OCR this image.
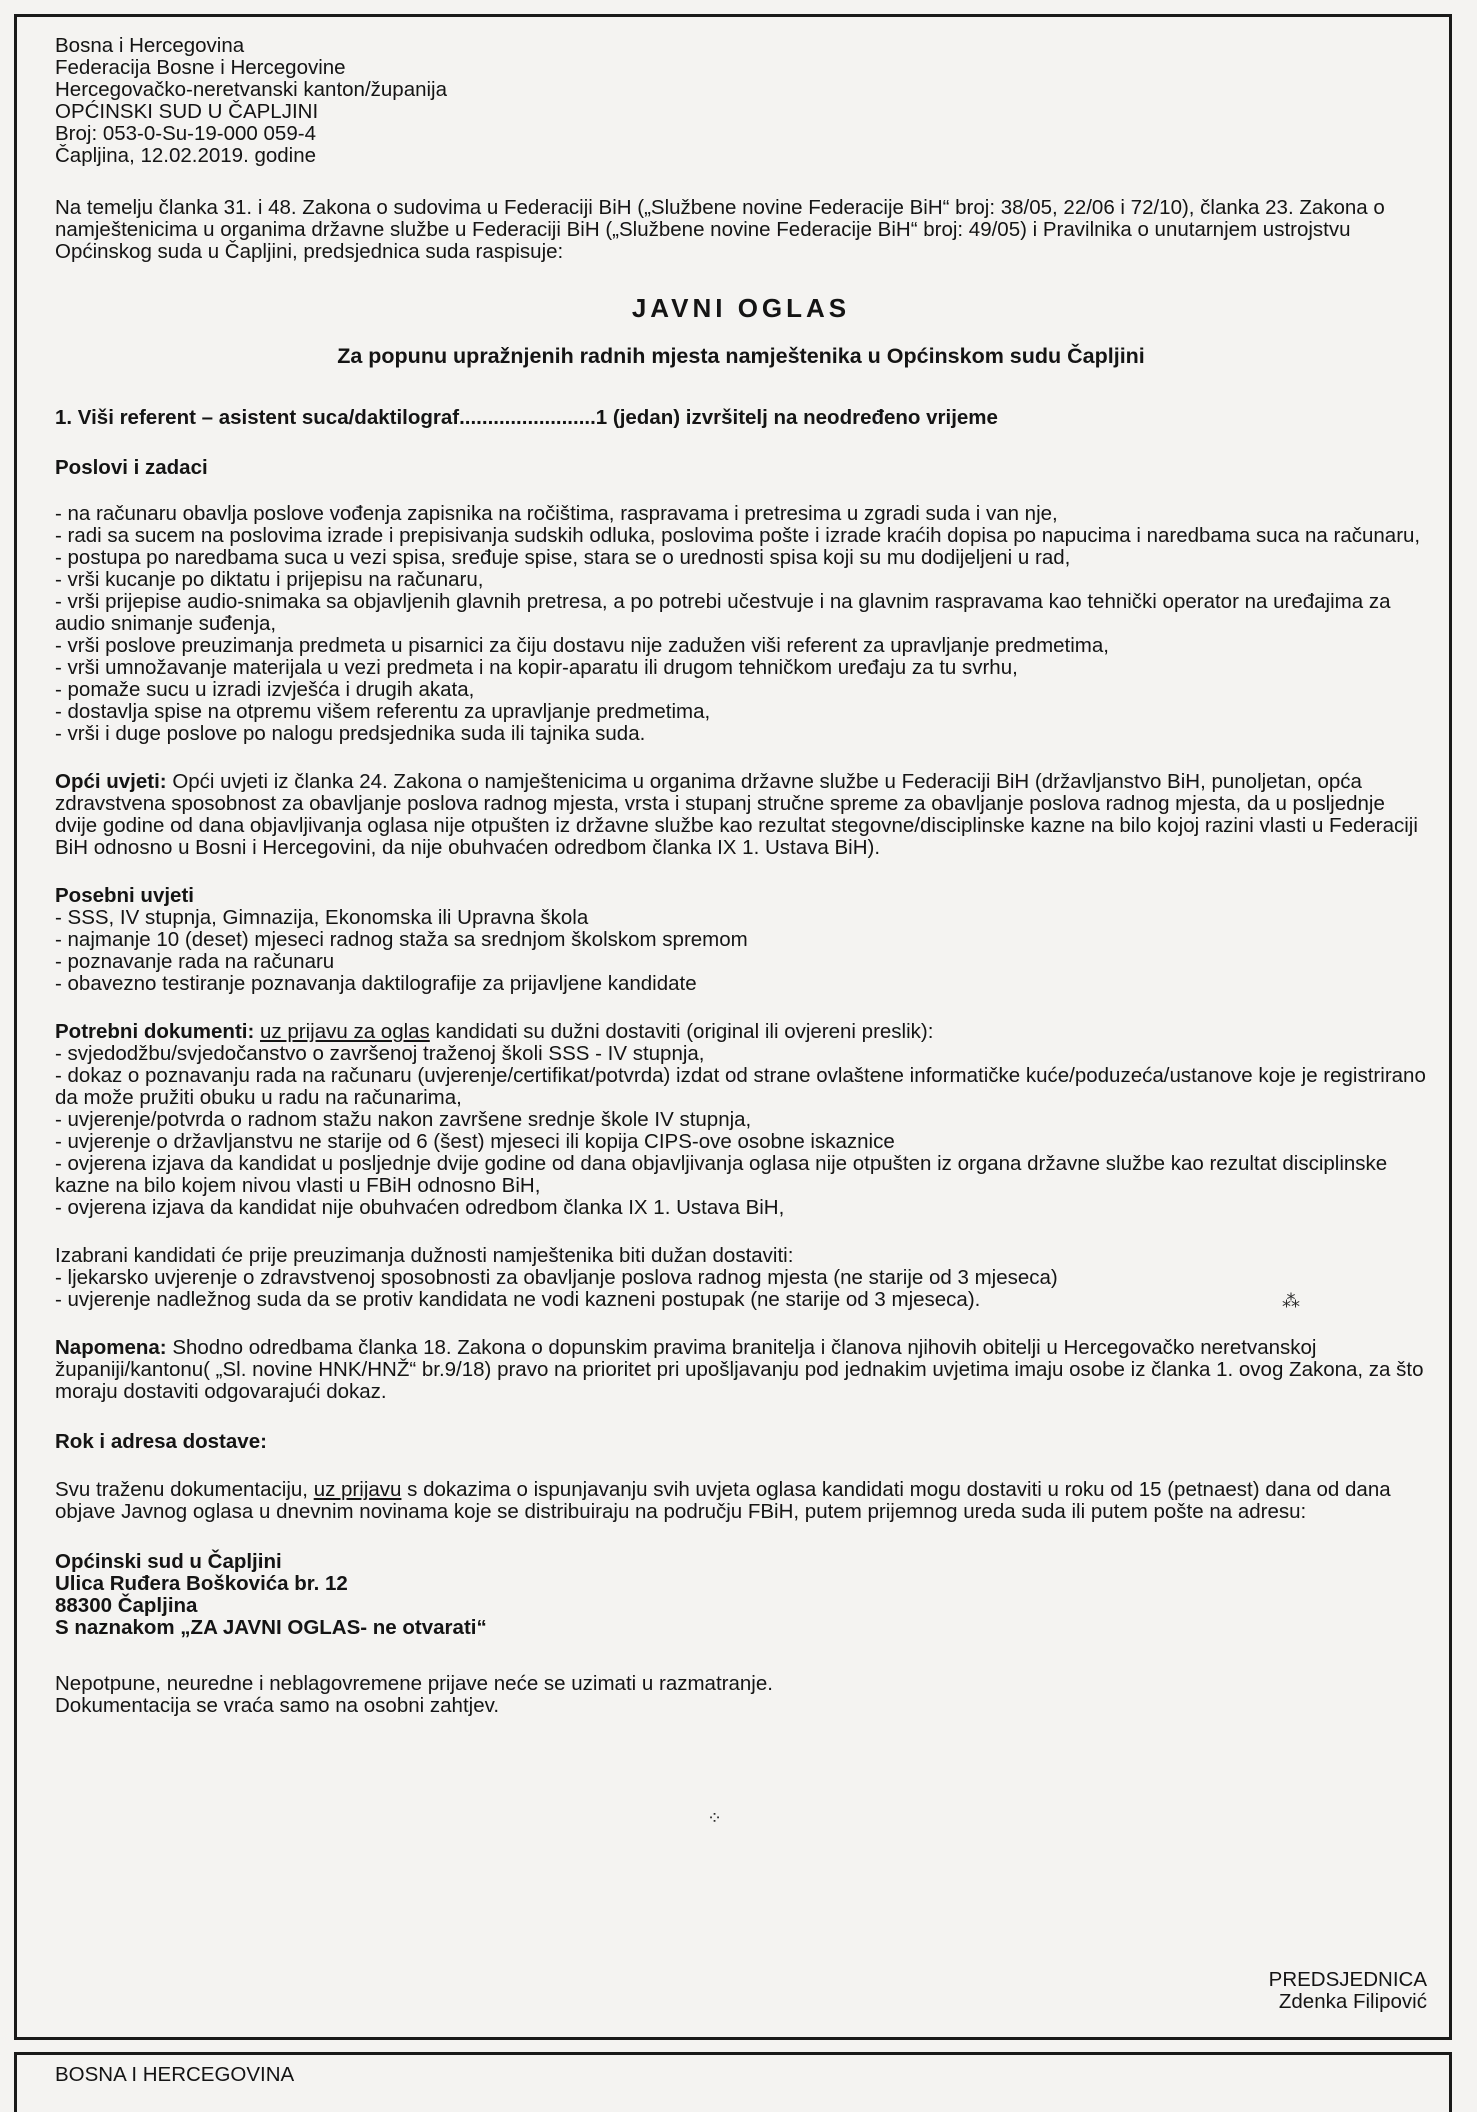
Bosna i Hercegovina
Federacija Bosne i Hercegovine
Hercegovačko-neretvanski kanton/županija
OPĆINSKI SUD U ČAPLJINI
Broj: 053-0-Su-19-000 059-4
Čapljina, 12.02.2019. godine
Na temelju članka 31. i 48. Zakona o sudovima u Federaciji BiH („Službene novine Federacije BiH“ broj: 38/05, 22/06 i 72/10), članka 23. Zakona o namještenicima u organima državne službe u Federaciji BiH („Službene novine Federacije BiH“ broj: 49/05) i Pravilnika o unutarnjem ustrojstvu Općinskog suda u Čapljini, predsjednica suda raspisuje:
JAVNI OGLAS
Za popunu upražnjenih radnih mjesta namještenika u Općinskom sudu Čapljini
1. Viši referent – asistent suca/daktilograf........................1 (jedan) izvršitelj na neodređeno vrijeme
Poslovi i zadaci
- na računaru obavlja poslove vođenja zapisnika na ročištima, raspravama i pretresima u zgradi suda i van nje,
- radi sa sucem na poslovima izrade i prepisivanja sudskih odluka, poslovima pošte i izrade kraćih dopisa po napucima i naredbama suca na računaru,
- postupa po naredbama suca u vezi spisa, sređuje spise, stara se o urednosti spisa koji su mu dodijeljeni u rad,
- vrši kucanje po diktatu i prijepisu na računaru,
- vrši prijepise audio-snimaka sa objavljenih glavnih pretresa, a po potrebi učestvuje i na glavnim raspravama kao tehnički operator na uređajima za audio snimanje suđenja,
- vrši poslove preuzimanja predmeta u pisarnici za čiju dostavu nije zadužen viši referent za upravljanje predmetima,
- vrši umnožavanje materijala u vezi predmeta i na kopir-aparatu ili drugom tehničkom uređaju za tu svrhu,
- pomaže sucu u izradi izvješća i drugih akata,
- dostavlja spise na otpremu višem referentu za upravljanje predmetima,
- vrši i duge poslove po nalogu predsjednika suda ili tajnika suda.
Opći uvjeti: Opći uvjeti iz članka 24. Zakona o namještenicima u organima državne službe u Federaciji BiH (državljanstvo BiH, punoljetan, opća zdravstvena sposobnost za obavljanje poslova radnog mjesta, vrsta i stupanj stručne spreme za obavljanje poslova radnog mjesta, da u posljednje dvije godine od dana objavljivanja oglasa nije otpušten iz državne službe kao rezultat stegovne/disciplinske kazne na bilo kojoj razini vlasti u Federaciji BiH odnosno u Bosni i Hercegovini, da nije obuhvaćen odredbom članka IX 1. Ustava BiH).
Posebni uvjeti
- SSS, IV stupnja, Gimnazija, Ekonomska ili Upravna škola
- najmanje 10 (deset) mjeseci radnog staža sa srednjom školskom spremom
- poznavanje rada na računaru
- obavezno testiranje poznavanja daktilografije za prijavljene kandidate
Potrebni dokumenti: uz prijavu za oglas kandidati su dužni dostaviti (original ili ovjereni preslik):
- svjedodžbu/svjedočanstvo o završenoj traženoj školi SSS - IV stupnja,
- dokaz o poznavanju rada na računaru (uvjerenje/certifikat/potvrda) izdat od strane ovlaštene informatičke kuće/poduzeća/ustanove koje je registrirano da može pružiti obuku u radu na računarima,
- uvjerenje/potvrda o radnom stažu nakon završene srednje škole IV stupnja,
- uvjerenje o državljanstvu ne starije od 6 (šest) mjeseci ili kopija CIPS-ove osobne iskaznice
- ovjerena izjava da kandidat u posljednje dvije godine od dana objavljivanja oglasa nije otpušten iz organa državne službe kao rezultat disciplinske kazne na bilo kojem nivou vlasti u FBiH odnosno BiH,
- ovjerena izjava da kandidat nije obuhvaćen odredbom članka IX 1. Ustava BiH,
Izabrani kandidati će prije preuzimanja dužnosti namještenika biti dužan dostaviti:
- ljekarsko uvjerenje o zdravstvenoj sposobnosti za obavljanje poslova radnog mjesta (ne starije od 3 mjeseca)
- uvjerenje nadležnog suda da se protiv kandidata ne vodi kazneni postupak (ne starije od 3 mjeseca).
Napomena: Shodno odredbama članka 18. Zakona o dopunskim pravima branitelja i članova njihovih obitelji u Hercegovačko neretvanskoj županiji/kantonu( „Sl. novine HNK/HNŽ“ br.9/18) pravo na prioritet pri upošljavanju pod jednakim uvjetima imaju osobe iz članka 1. ovog Zakona, za što moraju dostaviti odgovarajući dokaz.
Rok i adresa dostave:
Svu traženu dokumentaciju, uz prijavu s dokazima o ispunjavanju svih uvjeta oglasa kandidati mogu dostaviti u roku od 15 (petnaest) dana od dana objave Javnog oglasa u dnevnim novinama koje se distribuiraju na području FBiH, putem prijemnog ureda suda ili putem pošte na adresu:
Općinski sud u Čapljini
Ulica Ruđera Boškovića br. 12
88300 Čapljina
S naznakom „ZA JAVNI OGLAS- ne otvarati“
Nepotpune, neuredne i neblagovremene prijave neće se uzimati u razmatranje.
Dokumentacija se vraća samo na osobni zahtjev.
PREDSJEDNICA
Zdenka Filipović
⁂
⁘
BOSNA I HERCEGOVINA
